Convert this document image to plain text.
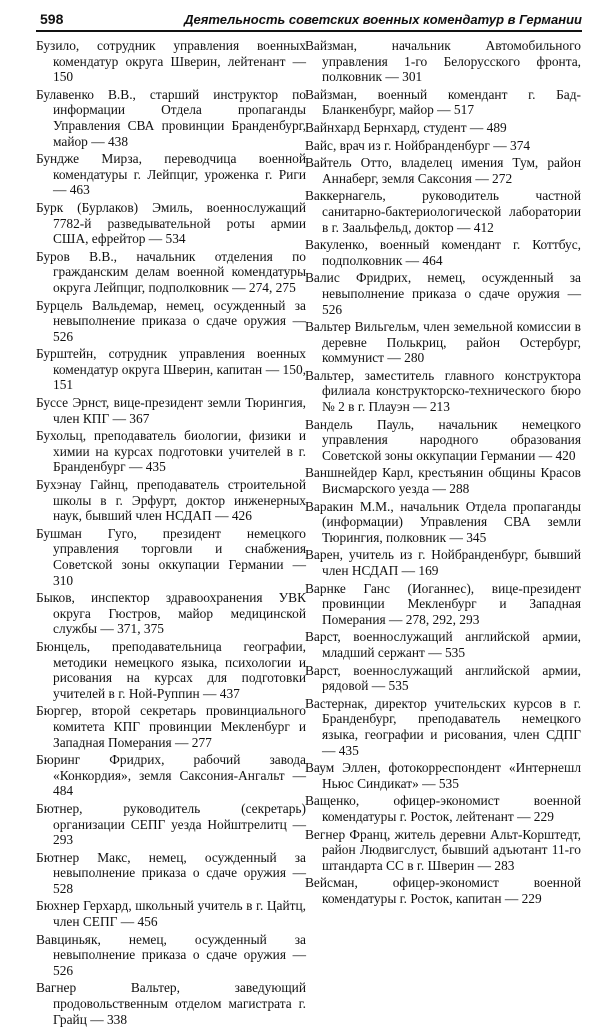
598	Деятельность советских военных комендатур в Германии

Бузило, сотрудник управления военных комендатур округа Шверин, лейтенант — 150

Булавенко В.В., старший инструктор по информации Отдела пропаганды Управления СВА провинции Бранденбург, майор — 438

Бундже Мирза, переводчица военной комендатуры г. Лейпциг, уроженка г. Риги — 463

Бурк (Бурлаков) Эмиль, военнослужащий 7782-й разведывательной роты армии США, ефрейтор — 534

Буров В.В., начальник отделения по гражданским делам военной комендатуры округа Лейпциг, подполковник — 274, 275

Бурцель Вальдемар, немец, осужденный за невыполнение приказа о сдаче оружия — 526

Бурштейн, сотрудник управления военных комендатур округа Шверин, капитан — 150, 151

Буссе Эрнст, вице-президент земли Тюрингия, член КПГ — 367

Бухольц, преподаватель биологии, физики и химии на курсах подготовки учителей в г. Бранденбург — 435

Бухэнау Гайнц, преподаватель строительной школы в г. Эрфурт, доктор инженерных наук, бывший член НСДАП — 426

Бушман Гуго, президент немецкого управления торговли и снабжения Советской зоны оккупации Германии — 310

Быков, инспектор здравоохранения УВК округа Гюстров, майор медицинской службы — 371, 375

Бюнцель, преподавательница географии, методики немецкого языка, психологии и рисования на курсах для подготовки учителей в г. Ной-Руппин — 437

Бюргер, второй секретарь провинциального комитета КПГ провинции Мекленбург и Западная Померания — 277

Бюринг Фридрих, рабочий завода «Конкордия», земля Саксония-Ангальт — 484

Бютнер, руководитель (секретарь) организации СЕПГ уезда Нойштрелитц — 293

Бютнер Макс, немец, осужденный за невыполнение приказа о сдаче оружия — 528

Бюхнер Герхард, школьный учитель в г. Цайтц, член СЕПГ — 456

Вавциньяк, немец, осужденный за невыполнение приказа о сдаче оружия — 526

Вагнер Вальтер, заведующий продовольственным отделом магистрата г. Грайц — 338

Вайзман, начальник Автомобильного управления 1-го Белорусского фронта, полковник — 301

Вайзман, военный комендант г. Бад-Бланкенбург, майор — 517

Вайнхард Бернхард, студент — 489

Вайс, врач из г. Нойбранденбург — 374

Вайтель Отто, владелец имения Тум, район Аннаберг, земля Саксония — 272

Ваккернагель, руководитель частной санитарно-бактериологической лаборатории в г. Заальфельд, доктор — 412

Вакуленко, военный комендант г. Коттбус, подполковник — 464

Валис Фридрих, немец, осужденный за невыполнение приказа о сдаче оружия — 526

Вальтер Вильгельм, член земельной комиссии в деревне Полькриц, район Остербург, коммунист — 280

Вальтер, заместитель главного конструктора филиала конструкторско-технического бюро № 2 в г. Плауэн — 213

Вандель Пауль, начальник немецкого управления народного образования Советской зоны оккупации Германии — 420

Ваншнейдер Карл, крестьянин общины Красов Висмарского уезда — 288

Варакин М.М., начальник Отдела пропаганды (информации) Управления СВА земли Тюрингия, полковник — 345

Варен, учитель из г. Нойбранденбург, бывший член НСДАП — 169

Варнке Ганс (Иоганнес), вице-президент провинции Мекленбург и Западная Померания — 278, 292, 293

Варст, военнослужащий английской армии, младший сержант — 535

Варст, военнослужащий английской армии, рядовой — 535

Вастернак, директор учительских курсов в г. Бранденбург, преподаватель немецкого языка, географии и рисования, член СДПГ — 435

Ваум Эллен, фотокорреспондент «Интернешл Ньюс Синдикат» — 535

Ващенко, офицер-экономист военной комендатуры г. Росток, лейтенант — 229

Вегнер Франц, житель деревни Альт-Корштедт, район Людвигслуст, бывший адъютант 11-го штандарта СС в г. Шверин — 283

Вейсман, офицер-экономист военной комендатуры г. Росток, капитан — 229
